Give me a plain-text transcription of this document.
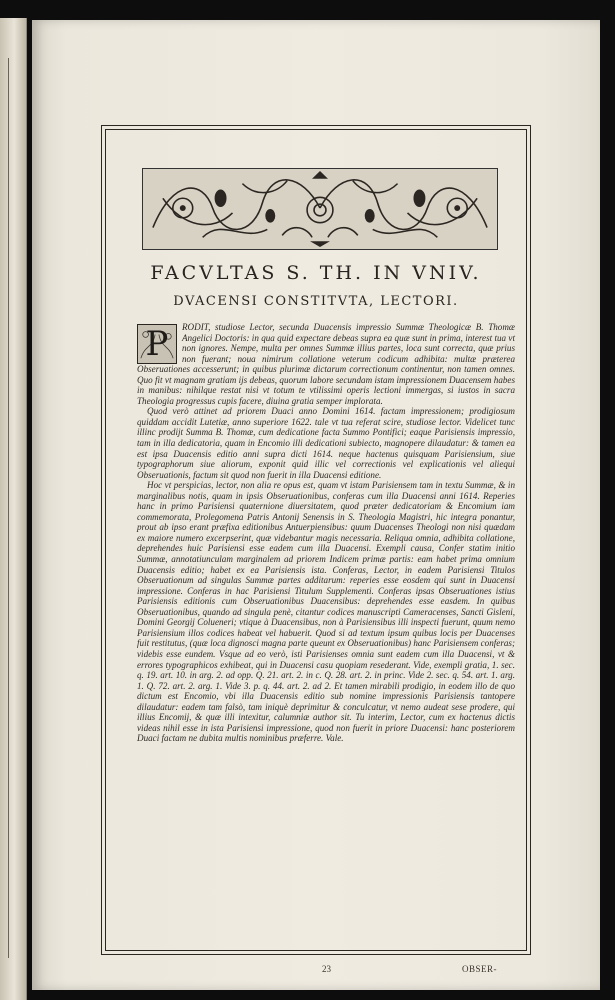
FACVLTAS S. TH. IN VNIV.
DVACENSI CONSTITVTA, LECTORI.
P	RODIT, studiose Lector, secunda Duacensis impressio Summæ Theologicæ B. Thomæ Angelici Doctoris: in qua quid expectare debeas supra ea quæ sunt in prima, interest tua vt non ignores. Nempe, multa per omnes Summæ illius partes, loca sunt correcta, quæ prius non fuerant; noua nimirum collatione veterum codicum adhibita: multæ præterea Obseruationes accesserunt; in quibus plurimæ dictarum correctionum continentur, non tamen omnes. Quo fit vt magnam gratiam ijs debeas, quorum labore secundam istam impressionem Duacensem habes in manibus: nihilque restat nisi vt totum te vtilissimi operis lectioni immergas, si iustos in sacra Theologia progressus cupis facere, diuina gratia semper implorata.

Quod verò attinet ad priorem Duaci anno Domini 1614. factam impressionem; prodigiosum quiddam accidit Lutetiæ, anno superiore 1622. tale vt tua referat scire, studiose lector. Videlicet tunc illinc prodijt Summa B. Thomæ, cum dedicatione facta Summo Pontifici; eaque Parisiensis impressio, tam in illa dedicatoria, quam in Encomio illi dedicationi subiecto, magnopere dilaudatur: & tamen ea est ipsa Duacensis editio anni supra dicti 1614. neque hactenus quisquam Parisiensium, siue typographorum siue aliorum, exponit quid illic vel correctionis vel explicationis vel aliequi Obseruationis, factum sit quod non fuerit in illa Duacensi editione.

Hoc vt perspicias, lector, non alia re opus est, quam vt istam Parisiensem tam in textu Summæ, & in marginalibus notis, quam in ipsis Obseruationibus, conferas cum illa Duacensi anni 1614. Reperies hanc in primo Parisiensi quaternione diuersitatem, quod præter dedicatoriam & Encomium iam commemorata, Prolegomena Patris Antonij Senensis in S. Theologia Magistri, hic integra ponantur, prout ab ipso erant præfixa editionibus Antuerpiensibus: quum Duacenses Theologi non nisi quædam ex maiore numero excerpserint, quæ videbantur magis necessaria. Reliqua omnia, adhibita collatione, deprehendes huic Parisiensi esse eadem cum illa Duacensi. Exempli causa, Confer statim initio Summæ, annotatiunculam marginalem ad priorem Indicem primæ partis: eam habet prima omnium Duacensis editio; habet ex ea Parisiensis ista. Conferas, Lector, in eadem Parisiensi Titulos Obseruationum ad singulas Summæ partes additarum: reperies esse eosdem qui sunt in Duacensi impressione. Conferas in hac Parisiensi Titulum Supplementi. Conferas ipsas Obseruationes istius Parisiensis editionis cum Obseruationibus Duacensibus: deprehendes esse easdem. In quibus Obseruationibus, quando ad singula penè, citantur codices manuscripti Cameracenses, Sancti Gisleni, Domini Georgij Colueneri; vtique à Duacensibus, non à Parisiensibus illi inspecti fuerunt, quum nemo Parisiensium illos codices habeat vel habuerit. Quod si ad textum ipsum quibus locis per Duacenses fuit restitutus, (quæ loca dignosci magna parte queunt ex Obseruationibus) hanc Parisiensem conferas; videbis esse eundem. Vsque ad eo verò, isti Parisienses omnia sunt eadem cum illa Duacensi, vt & errores typographicos exhibeat, qui in Duacensi casu quopiam resederant. Vide, exempli gratia, 1. sec. q. 19. art. 10. in arg. 2. ad opp. Q. 21. art. 2. in c. Q. 28. art. 2. in princ. Vide 2. sec. q. 54. art. 1. arg. 1. Q. 72. art. 2. arg. 1. Vide 3. p. q. 44. art. 2. ad 2. Et tamen mirabili prodigio, in eodem illo de quo dictum est Encomio, vbi illa Duacensis editio sub nomine impressionis Parisiensis tantopere dilaudatur: eadem tam falsò, tam iniquè deprimitur & conculcatur, vt nemo audeat sese prodere, qui illius Encomij, & quæ illi intexitur, calumniæ author sit. Tu interim, Lector, cum ex hactenus dictis videas nihil esse in ista Parisiensi impressione, quod non fuerit in priore Duacensi: hanc posteriorem Duaci factam ne dubita multis nominibus præferre. Vale.

23	OBSER-
